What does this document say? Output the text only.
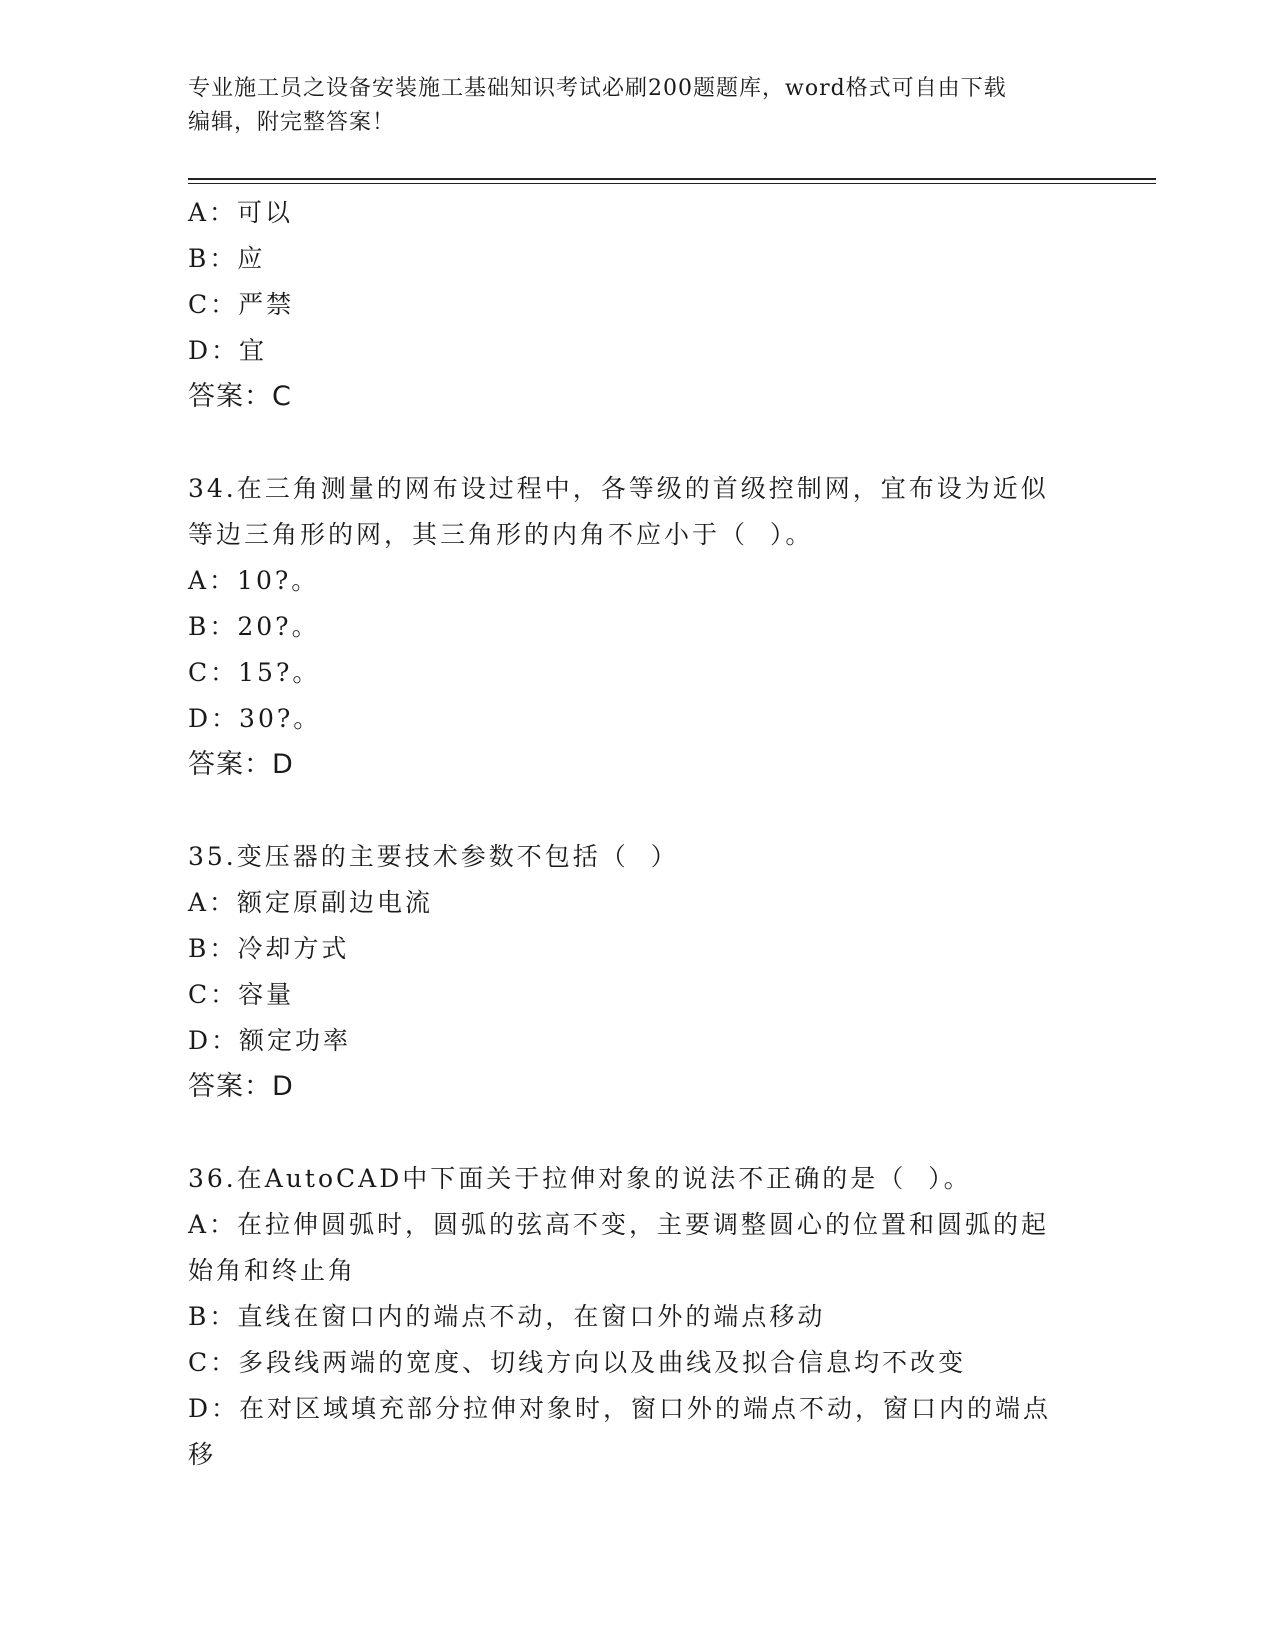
专业施工员之设备安装施工基础知识考试必刷200题题库，word格式可自由下载
编辑，附完整答案！
A：可以
B：应
C：严禁
D：宜
答案：C
34.在三角测量的网布设过程中，各等级的首级控制网，宜布设为近似
等边三角形的网，其三角形的内角不应小于（  ）。
A：10?。
B：20?。
C：15?。
D：30?。
答案：D
35.变压器的主要技术参数不包括（  ）
A：额定原副边电流
B：冷却方式
C：容量
D：额定功率
答案：D
36.在AutoCAD中下面关于拉伸对象的说法不正确的是（  ）。
A：在拉伸圆弧时，圆弧的弦高不变，主要调整圆心的位置和圆弧的起
始角和终止角
B：直线在窗口内的端点不动，在窗口外的端点移动
C：多段线两端的宽度、切线方向以及曲线及拟合信息均不改变
D：在对区域填充部分拉伸对象时，窗口外的端点不动，窗口内的端点
移
